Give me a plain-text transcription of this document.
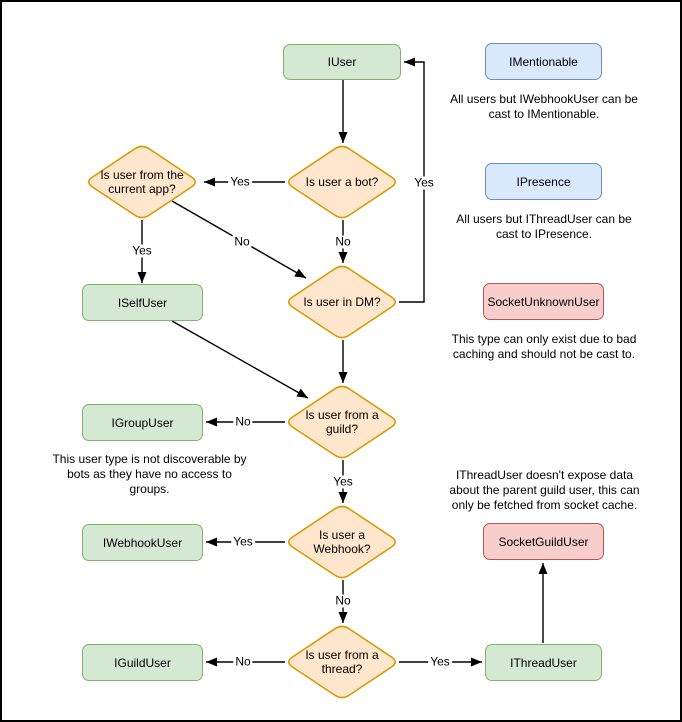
IUser	IMentionable
IPresence
SocketUnknownUser
ISelfUser
IGroupUser
IWebhookUser
IGuildUser	IThreadUser
SocketGuildUser
Is user a bot?
Is user from the current app?
Is user in DM?
Is user from a guild?
Is user a Webhook?
Is user from a thread?
Yes
No
Yes
No
Yes
No
Yes
Yes
No
No	Yes
All users but IWebhookUser can be
cast to IMentionable.
All users but IThreadUser can be
cast to IPresence.
This type can only exist due to bad
caching and should not be cast to.
This user type is not discoverable by
bots as they have no access to
groups.
IThreadUser doesn't expose data
about the parent guild user, this can
only be fetched from socket cache.
